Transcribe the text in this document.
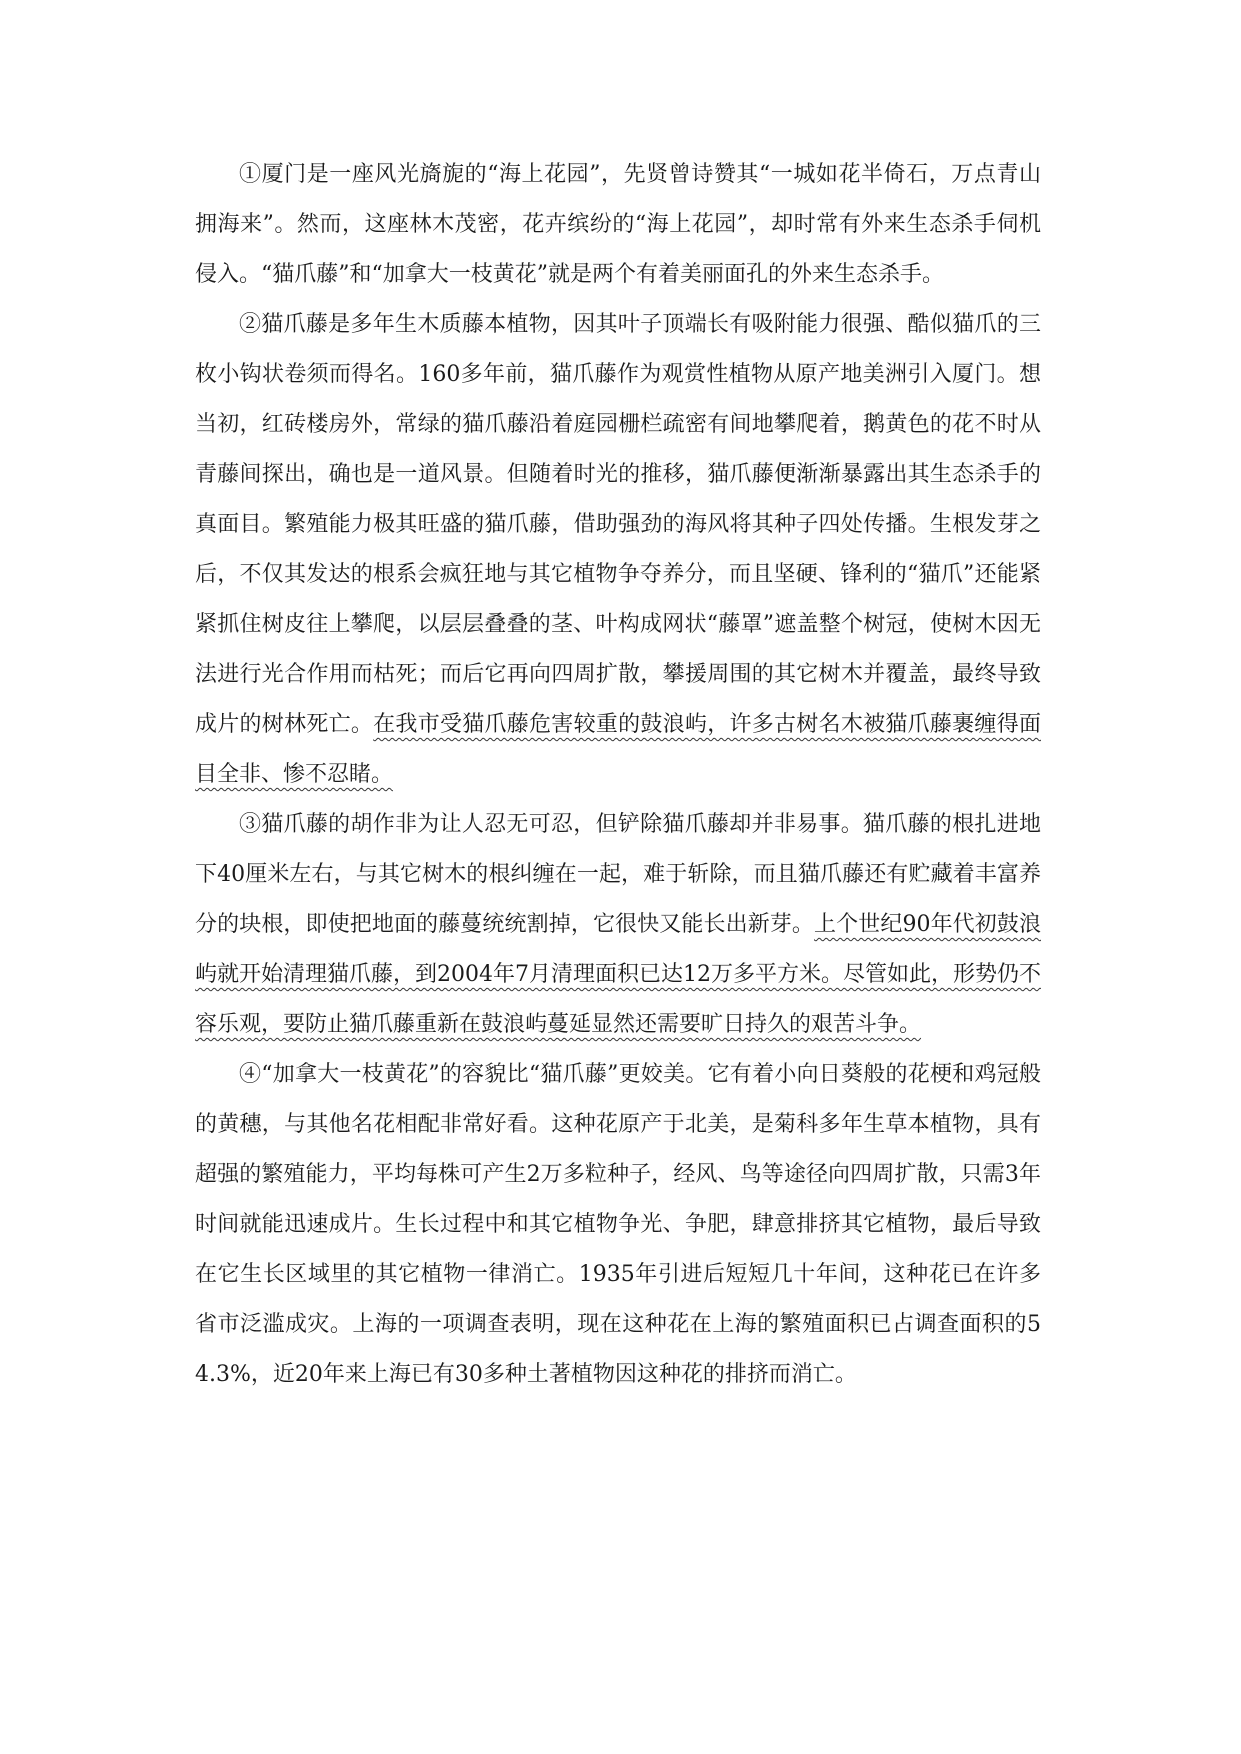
①厦门是一座风光旖旎的“海上花园”，先贤曾诗赞其“一城如花半倚石，万点青山拥海来”。然而，这座林木茂密，花卉缤纷的“海上花园”，却时常有外来生态杀手伺机侵入。“猫爪藤”和“加拿大一枝黄花”就是两个有着美丽面孔的外来生态杀手。

②猫爪藤是多年生木质藤本植物，因其叶子顶端长有吸附能力很强、酷似猫爪的三枚小钩状卷须而得名。160多年前，猫爪藤作为观赏性植物从原产地美洲引入厦门。想当初，红砖楼房外，常绿的猫爪藤沿着庭园栅栏疏密有间地攀爬着，鹅黄色的花不时从青藤间探出，确也是一道风景。但随着时光的推移，猫爪藤便渐渐暴露出其生态杀手的真面目。繁殖能力极其旺盛的猫爪藤，借助强劲的海风将其种子四处传播。生根发芽之后，不仅其发达的根系会疯狂地与其它植物争夺养分，而且坚硬、锋利的“猫爪”还能紧紧抓住树皮往上攀爬，以层层叠叠的茎、叶构成网状“藤罩”遮盖整个树冠，使树木因无法进行光合作用而枯死；而后它再向四周扩散，攀援周围的其它树木并覆盖，最终导致成片的树林死亡。在我市受猫爪藤危害较重的鼓浪屿，许多古树名木被猫爪藤裹缠得面目全非、惨不忍睹。

③猫爪藤的胡作非为让人忍无可忍，但铲除猫爪藤却并非易事。猫爪藤的根扎进地下40厘米左右，与其它树木的根纠缠在一起，难于斩除，而且猫爪藤还有贮藏着丰富养分的块根，即使把地面的藤蔓统统割掉，它很快又能长出新芽。上个世纪90年代初鼓浪屿就开始清理猫爪藤，到2004年7月清理面积已达12万多平方米。尽管如此，形势仍不容乐观，要防止猫爪藤重新在鼓浪屿蔓延显然还需要旷日持久的艰苦斗争。

④“加拿大一枝黄花”的容貌比“猫爪藤”更姣美。它有着小向日葵般的花梗和鸡冠般的黄穗，与其他名花相配非常好看。这种花原产于北美，是菊科多年生草本植物，具有超强的繁殖能力，平均每株可产生2万多粒种子，经风、鸟等途径向四周扩散，只需3年时间就能迅速成片。生长过程中和其它植物争光、争肥，肆意排挤其它植物，最后导致在它生长区域里的其它植物一律消亡。1935年引进后短短几十年间，这种花已在许多省市泛滥成灾。上海的一项调查表明，现在这种花在上海的繁殖面积已占调查面积的54.3%，近20年来上海已有30多种土著植物因这种花的排挤而消亡。
